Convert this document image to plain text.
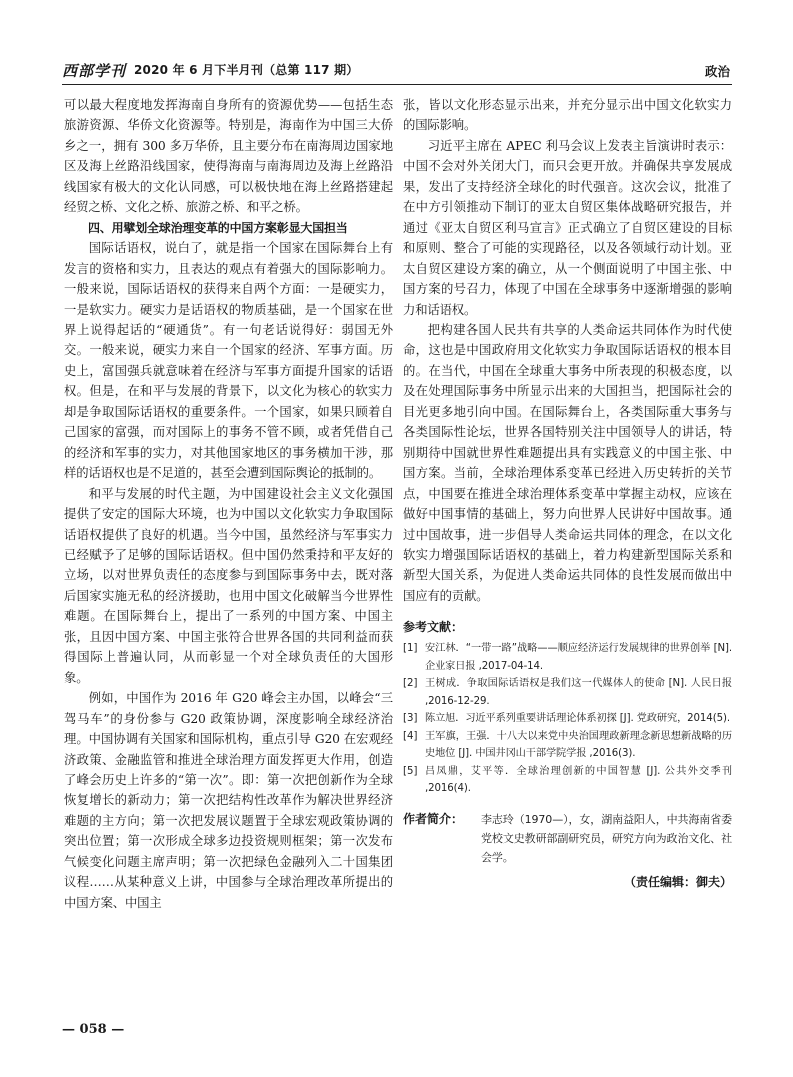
西部学刊 2020 年 6 月下半月刊（总第 117 期）	政治

可以最大程度地发挥海南自身所有的资源优势——包括生态旅游资源、华侨文化资源等。特别是，海南作为中国三大侨乡之一，拥有 300 多万华侨，且主要分布在南海周边国家地区及海上丝路沿线国家，使得海南与南海周边及海上丝路沿线国家有极大的文化认同感，可以极快地在海上丝路搭建起经贸之桥、文化之桥、旅游之桥、和平之桥。

四、用擘划全球治理变革的中国方案彰显大国担当

国际话语权，说白了，就是指一个国家在国际舞台上有发言的资格和实力，且表达的观点有着强大的国际影响力。一般来说，国际话语权的获得来自两个方面：一是硬实力，一是软实力。硬实力是话语权的物质基础，是一个国家在世界上说得起话的“硬通货”。有一句老话说得好：弱国无外交。一般来说，硬实力来自一个国家的经济、军事方面。历史上，富国强兵就意味着在经济与军事方面提升国家的话语权。但是，在和平与发展的背景下，以文化为核心的软实力却是争取国际话语权的重要条件。一个国家，如果只顾着自己国家的富强，而对国际上的事务不管不顾，或者凭借自己的经济和军事的实力，对其他国家地区的事务横加干涉，那样的话语权也是不足道的，甚至会遭到国际舆论的抵制的。

和平与发展的时代主题，为中国建设社会主义文化强国提供了安定的国际大环境，也为中国以文化软实力争取国际话语权提供了良好的机遇。当今中国，虽然经济与军事实力已经赋予了足够的国际话语权。但中国仍然秉持和平友好的立场，以对世界负责任的态度参与到国际事务中去，既对落后国家实施无私的经济援助，也用中国文化破解当今世界性难题。在国际舞台上，提出了一系列的中国方案、中国主张，且因中国方案、中国主张符合世界各国的共同利益而获得国际上普遍认同，从而彰显一个对全球负责任的大国形象。

例如，中国作为 2016 年 G20 峰会主办国，以峰会“三驾马车”的身份参与 G20 政策协调，深度影响全球经济治理。中国协调有关国家和国际机构，重点引导 G20 在宏观经济政策、金融监管和推进全球治理方面发挥更大作用，创造了峰会历史上许多的“第一次”。即：第一次把创新作为全球恢复增长的新动力；第一次把结构性改革作为解决世界经济难题的主方向；第一次把发展议题置于全球宏观政策协调的突出位置；第一次形成全球多边投资规则框架；第一次发布气候变化问题主席声明；第一次把绿色金融列入二十国集团议程……从某种意义上讲，中国参与全球治理改革所提出的中国方案、中国主

张，皆以文化形态显示出来，并充分显示出中国文化软实力的国际影响。

习近平主席在 APEC 利马会议上发表主旨演讲时表示：中国不会对外关闭大门，而只会更开放。并确保共享发展成果，发出了支持经济全球化的时代强音。这次会议，批准了在中方引领推动下制订的亚太自贸区集体战略研究报告，并通过《亚太自贸区利马宣言》正式确立了自贸区建设的目标和原则、整合了可能的实现路径，以及各领域行动计划。亚太自贸区建设方案的确立，从一个侧面说明了中国主张、中国方案的号召力，体现了中国在全球事务中逐渐增强的影响力和话语权。

把构建各国人民共有共享的人类命运共同体作为时代使命，这也是中国政府用文化软实力争取国际话语权的根本目的。在当代，中国在全球重大事务中所表现的积极态度，以及在处理国际事务中所显示出来的大国担当，把国际社会的目光更多地引向中国。在国际舞台上，各类国际重大事务与各类国际性论坛，世界各国特别关注中国领导人的讲话，特别期待中国就世界性难题提出具有实践意义的中国主张、中国方案。当前，全球治理体系变革已经进入历史转折的关节点，中国要在推进全球治理体系变革中掌握主动权，应该在做好中国事情的基础上，努力向世界人民讲好中国故事。通过中国故事，进一步倡导人类命运共同体的理念，在以文化软实力增强国际话语权的基础上，着力构建新型国际关系和新型大国关系，为促进人类命运共同体的良性发展而做出中国应有的贡献。

参考文献：
[1] 安江林．“一带一路”战略——顺应经济运行发展规律的世界创举 [N]. 企业家日报 ,2017-04-14.
[2] 王树成．争取国际话语权是我们这一代媒体人的使命 [N]. 人民日报 ,2016-12-29.
[3] 陈立旭．习近平系列重要讲话理论体系初探 [J]. 党政研究，2014(5).
[4] 王军旗，王强．十八大以来党中央治国理政新理念新思想新战略的历史地位 [J]. 中国井冈山干部学院学报 ,2016(3).
[5] 吕凤鼎，艾平等．全球治理创新的中国智慧 [J]. 公共外交季刊 ,2016(4).
作者简介：	李志玲（1970—），女，湖南益阳人，中共海南省委党校文史教研部副研究员，研究方向为政治文化、社会学。
（责任编辑：御夫）
— 058 —
